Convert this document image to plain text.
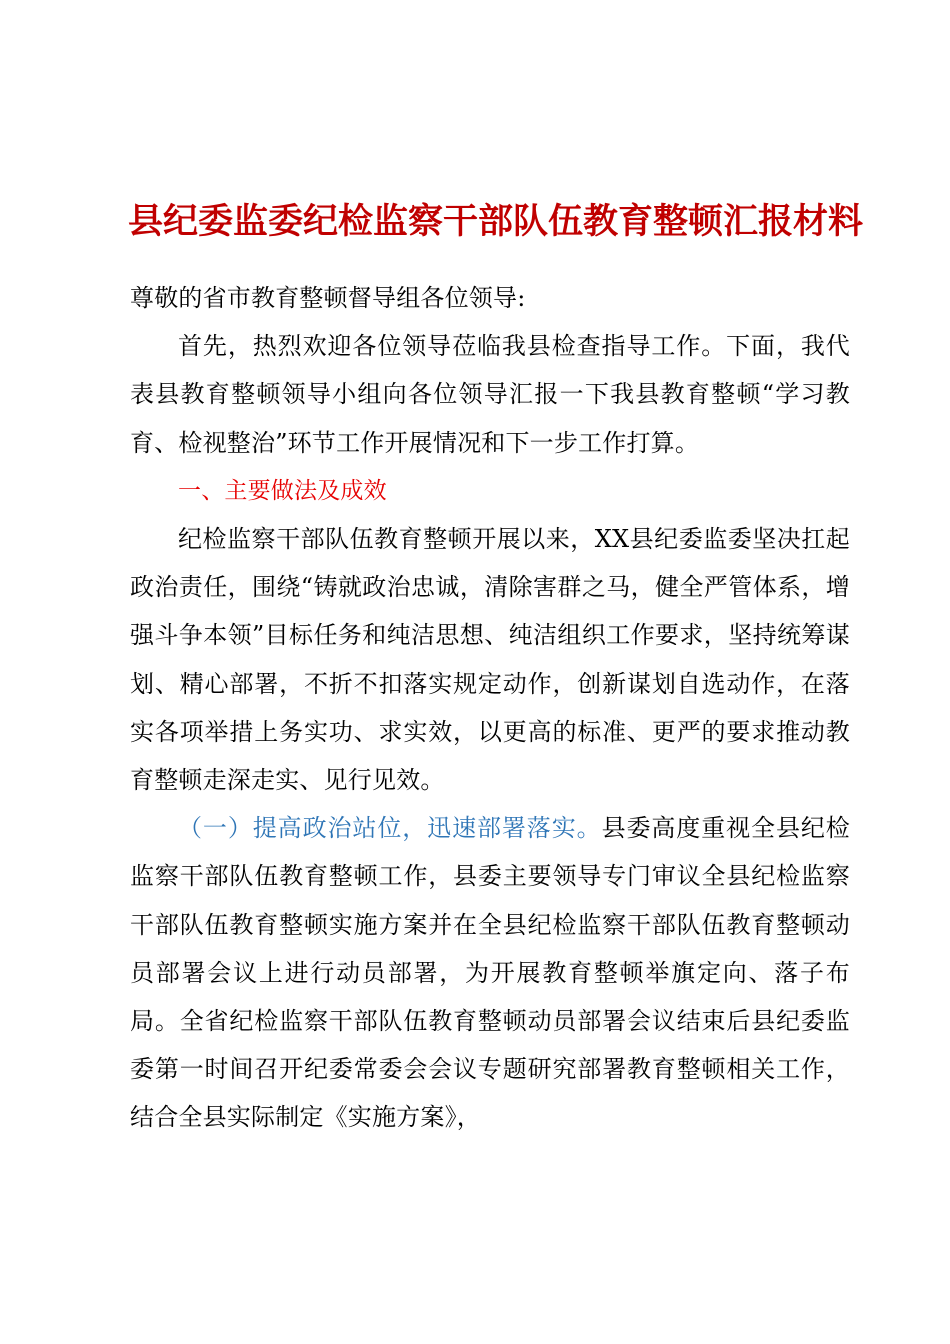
县纪委监委纪检监察干部队伍教育整顿汇报材料

尊敬的省市教育整顿督导组各位领导:

首先，热烈欢迎各位领导莅临我县检查指导工作。下面，我代表县教育整顿领导小组向各位领导汇报一下我县教育整顿“学习教育、检视整治”环节工作开展情况和下一步工作打算。

一、主要做法及成效

纪检监察干部队伍教育整顿开展以来，XX县纪委监委坚决扛起政治责任，围绕“铸就政治忠诚，清除害群之马，健全严管体系，增强斗争本领”目标任务和纯洁思想、纯洁组织工作要求，坚持统筹谋划、精心部署，不折不扣落实规定动作，创新谋划自选动作，在落实各项举措上务实功、求实效，以更高的标准、更严的要求推动教育整顿走深走实、见行见效。

（一）提高政治站位，迅速部署落实。县委高度重视全县纪检监察干部队伍教育整顿工作，县委主要领导专门审议全县纪检监察干部队伍教育整顿实施方案并在全县纪检监察干部队伍教育整顿动员部署会议上进行动员部署，为开展教育整顿举旗定向、落子布局。全省纪检监察干部队伍教育整顿动员部署会议结束后县纪委监委第一时间召开纪委常委会会议专题研究部署教育整顿相关工作，结合全县实际制定《实施方案》，
